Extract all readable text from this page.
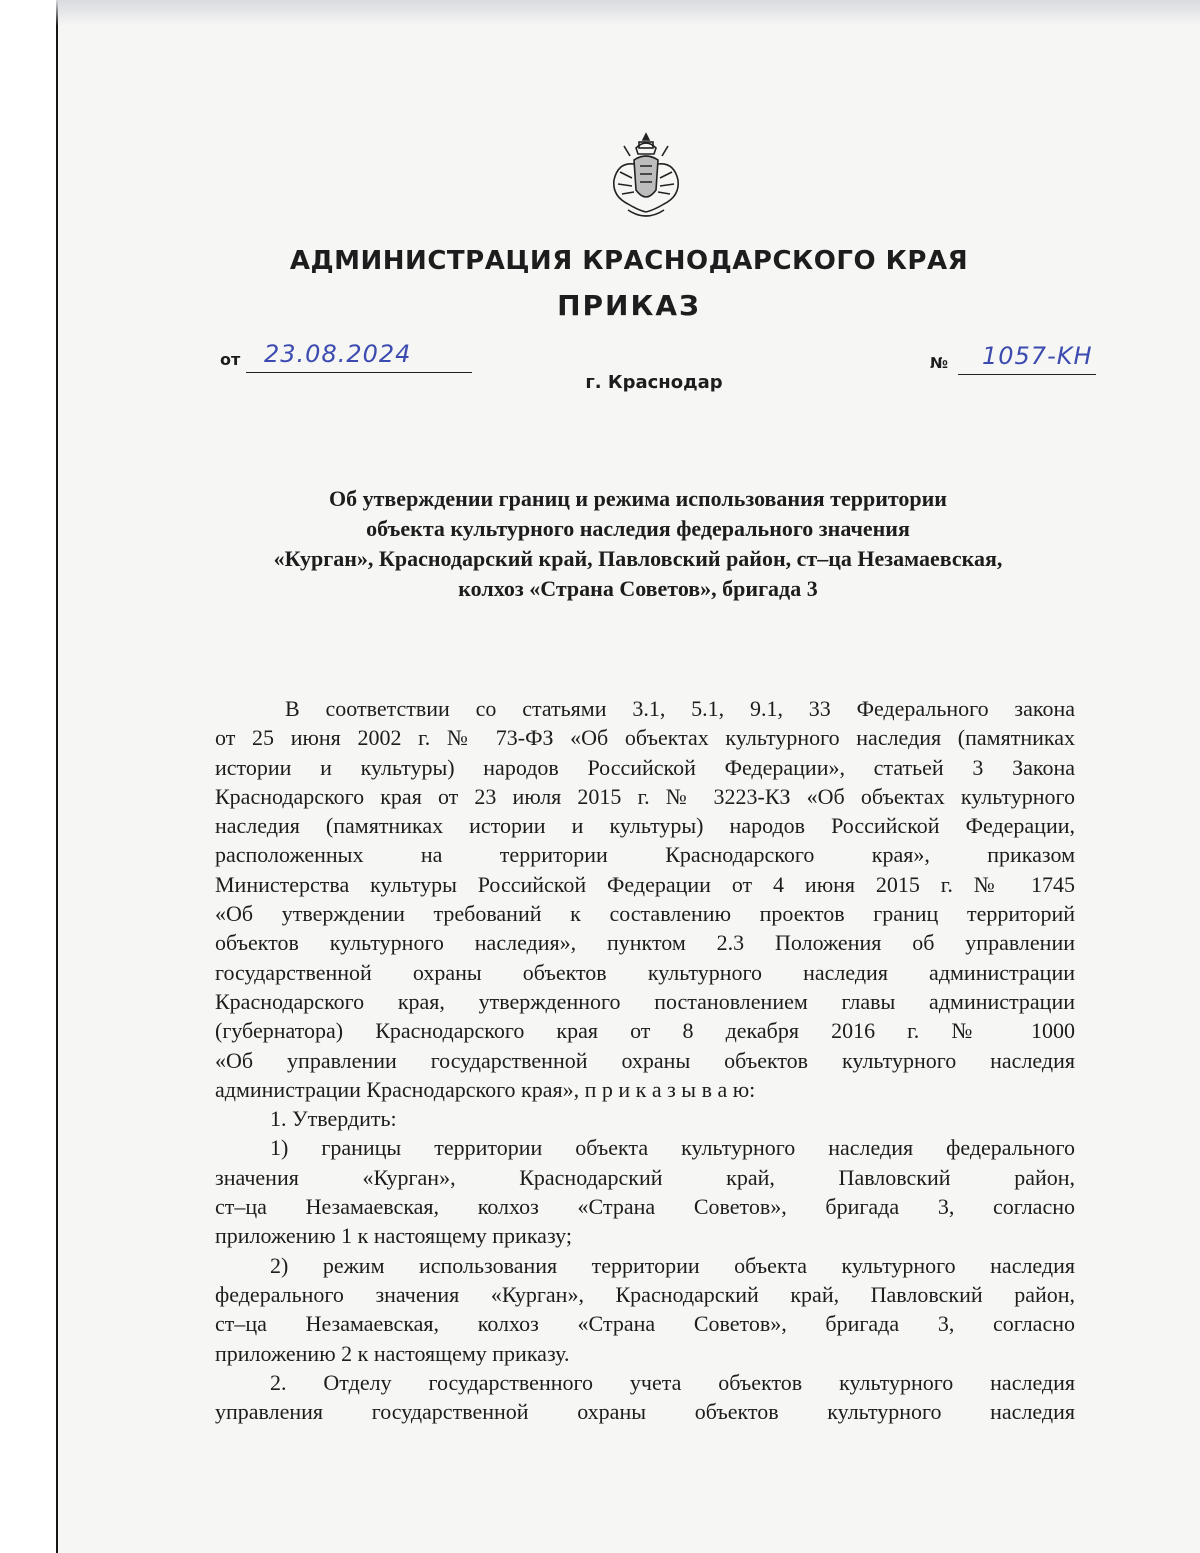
АДМИНИСТРАЦИЯ КРАСНОДАРСКОГО КРАЯ
ПРИКАЗ
от 23.08.2024
г. Краснодар
№ 1057-KH
Об утверждении границ и режима использования территории
объекта культурного наследия федерального значения
«Курган», Краснодарский край, Павловский район, ст–ца Незамаевская,
колхоз «Страна Советов», бригада 3
В соответствии со статьями 3.1, 5.1, 9.1, 33 Федерального закона
от 25 июня 2002 г. № 73-ФЗ «Об объектах культурного наследия (памятниках
истории и культуры) народов Российской Федерации», статьей 3 Закона
Краснодарского края от 23 июля 2015 г. № 3223-КЗ «Об объектах культурного
наследия (памятниках истории и культуры) народов Российской Федерации,
расположенных на территории Краснодарского края», приказом
Министерства культуры Российской Федерации от 4 июня 2015 г. № 1745
«Об утверждении требований к составлению проектов границ территорий
объектов культурного наследия», пунктом 2.3 Положения об управлении
государственной охраны объектов культурного наследия администрации
Краснодарского края, утвержденного постановлением главы администрации
(губернатора) Краснодарского края от 8 декабря 2016 г. № 1000
«Об управлении государственной охраны объектов культурного наследия
администрации Краснодарского края», п р и к а з ы в а ю:
1. Утвердить:
1) границы территории объекта культурного наследия федерального
значения «Курган», Краснодарский край, Павловский район,
ст–ца Незамаевская, колхоз «Страна Советов», бригада 3, согласно
приложению 1 к настоящему приказу;
2) режим использования территории объекта культурного наследия
федерального значения «Курган», Краснодарский край, Павловский район,
ст–ца Незамаевская, колхоз «Страна Советов», бригада 3, согласно
приложению 2 к настоящему приказу.
2. Отделу государственного учета объектов культурного наследия
управления государственной охраны объектов культурного наследия
